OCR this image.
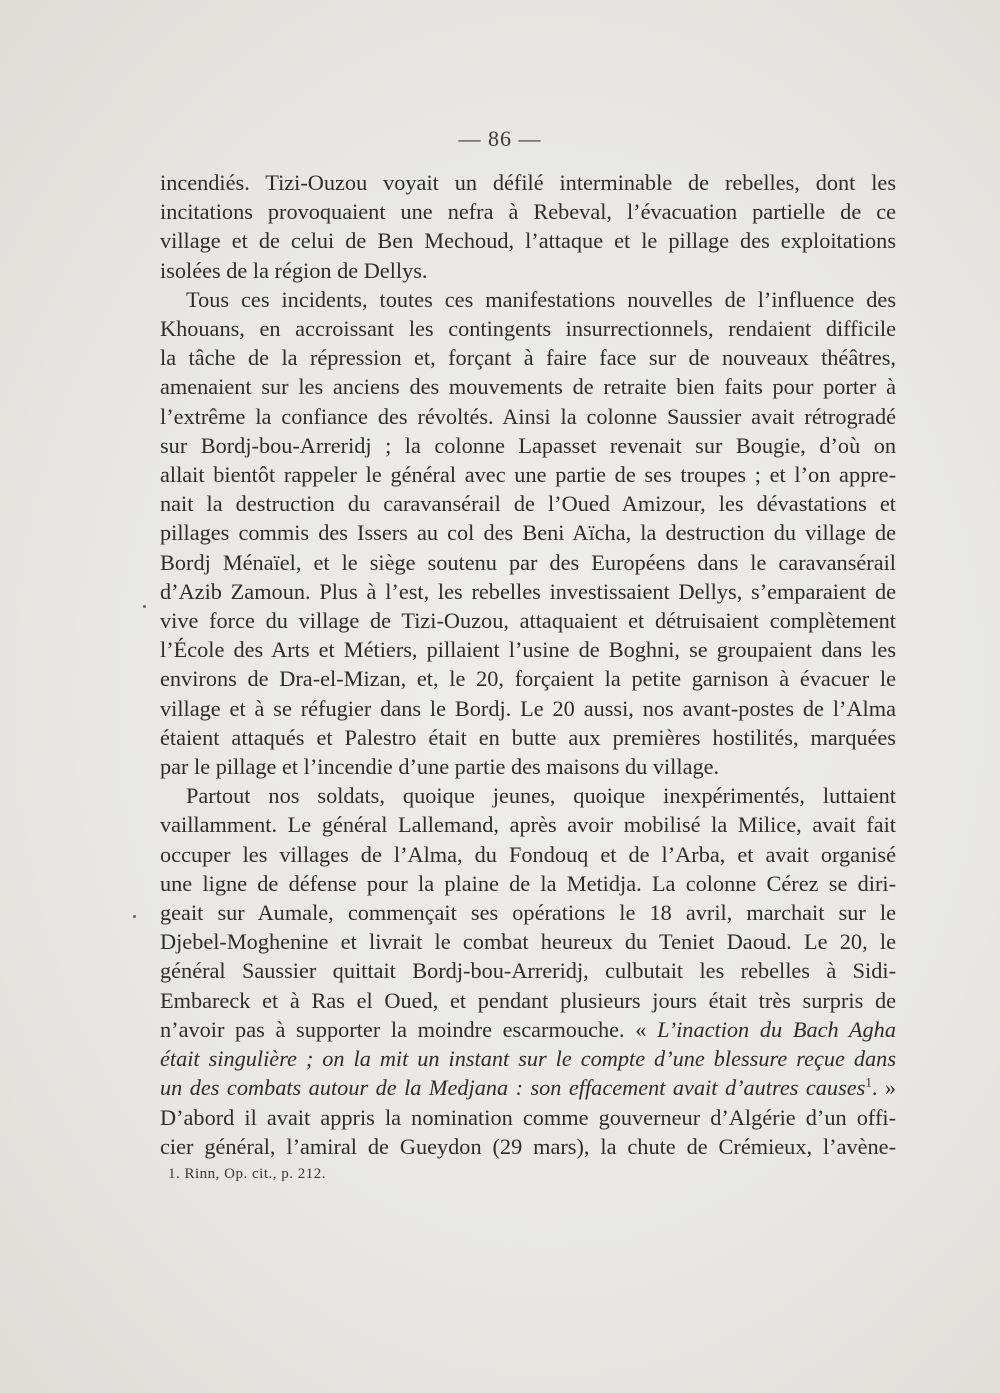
— 86 —
incendiés. Tizi-Ouzou voyait un défilé interminable de rebelles, dont les
incitations provoquaient une nefra à Rebeval, l’évacuation partielle de ce
village et de celui de Ben Mechoud, l’attaque et le pillage des exploitations
isolées de la région de Dellys.
Tous ces incidents, toutes ces manifestations nouvelles de l’influence des
Khouans, en accroissant les contingents insurrectionnels, rendaient difficile
la tâche de la répression et, forçant à faire face sur de nouveaux théâtres,
amenaient sur les anciens des mouvements de retraite bien faits pour porter à
l’extrême la confiance des révoltés. Ainsi la colonne Saussier avait rétrogradé
sur Bordj-bou-Arreridj ; la colonne Lapasset revenait sur Bougie, d’où on
allait bientôt rappeler le général avec une partie de ses troupes ; et l’on appre-
nait la destruction du caravansérail de l’Oued Amizour, les dévastations et
pillages commis des Issers au col des Beni Aïcha, la destruction du village de
Bordj Ménaïel, et le siège soutenu par des Européens dans le caravansérail
d’Azib Zamoun. Plus à l’est, les rebelles investissaient Dellys, s’emparaient de
vive force du village de Tizi-Ouzou, attaquaient et détruisaient complètement
l’École des Arts et Métiers, pillaient l’usine de Boghni, se groupaient dans les
environs de Dra-el-Mizan, et, le 20, forçaient la petite garnison à évacuer le
village et à se réfugier dans le Bordj. Le 20 aussi, nos avant-postes de l’Alma
étaient attaqués et Palestro était en butte aux premières hostilités, marquées
par le pillage et l’incendie d’une partie des maisons du village.
Partout nos soldats, quoique jeunes, quoique inexpérimentés, luttaient
vaillamment. Le général Lallemand, après avoir mobilisé la Milice, avait fait
occuper les villages de l’Alma, du Fondouq et de l’Arba, et avait organisé
une ligne de défense pour la plaine de la Metidja. La colonne Cérez se diri-
geait sur Aumale, commençait ses opérations le 18 avril, marchait sur le
Djebel-Moghenine et livrait le combat heureux du Teniet Daoud. Le 20, le
général Saussier quittait Bordj-bou-Arreridj, culbutait les rebelles à Sidi-
Embareck et à Ras el Oued, et pendant plusieurs jours était très surpris de
n’avoir pas à supporter la moindre escarmouche. « L’inaction du Bach Agha
était singulière ; on la mit un instant sur le compte d’une blessure reçue dans
un des combats autour de la Medjana : son effacement avait d’autres causes$^1$. »
D’abord il avait appris la nomination comme gouverneur d’Algérie d’un offi-
cier général, l’amiral de Gueydon (29 mars), la chute de Crémieux, l’avène-
1. Rinn, Op. cit., p. 212.
